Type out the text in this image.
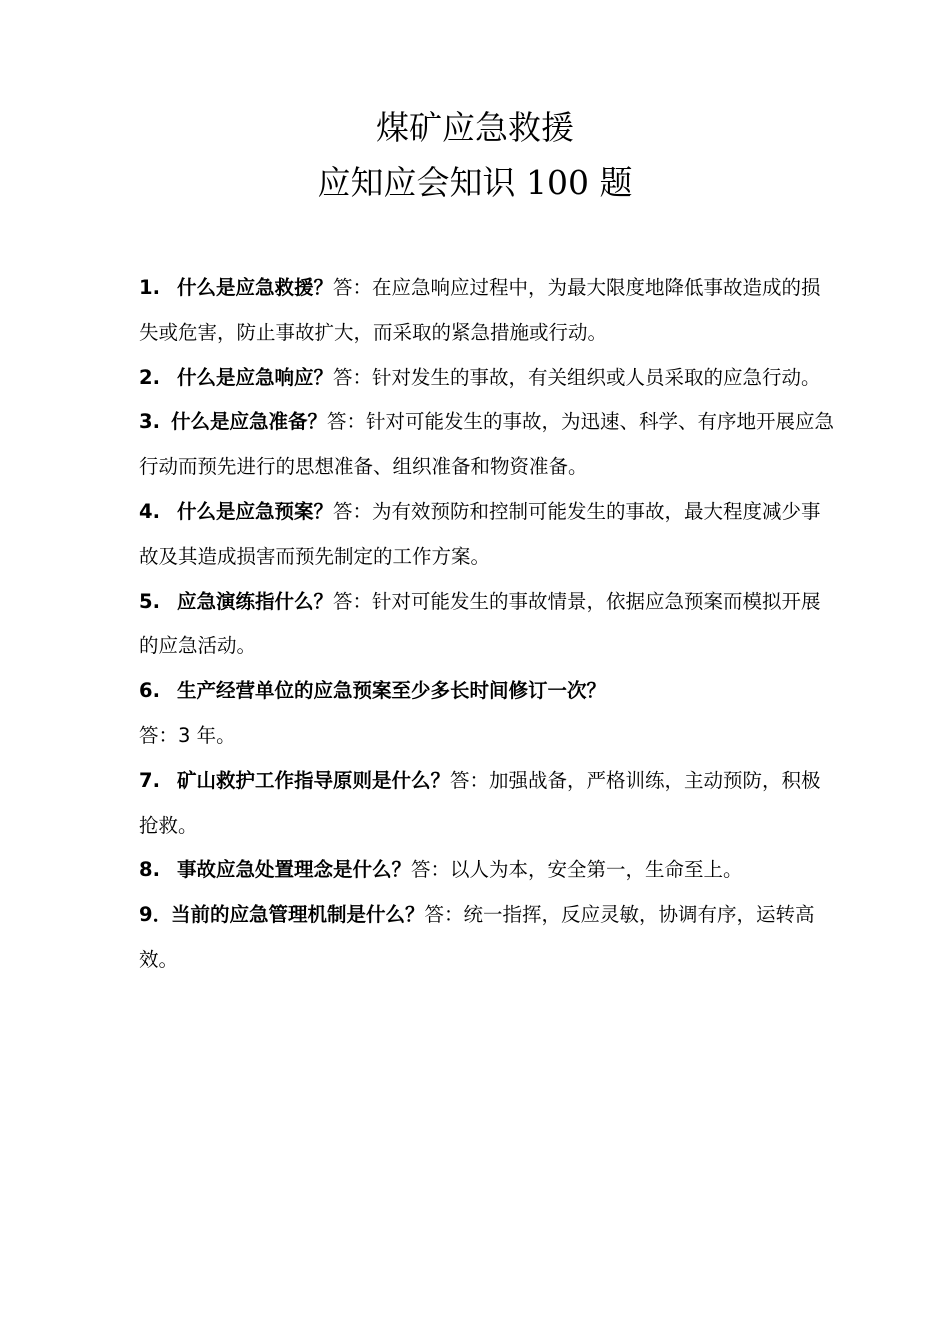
煤矿应急救援
应知应会知识 100 题

1. 什么是应急救援？答：在应急响应过程中，为最大限度地降低事故造成的损失或危害，防止事故扩大，而采取的紧急措施或行动。

2. 什么是应急响应？答：针对发生的事故，有关组织或人员采取的应急行动。

3. 什么是应急准备？答：针对可能发生的事故，为迅速、科学、有序地开展应急行动而预先进行的思想准备、组织准备和物资准备。

4. 什么是应急预案？答：为有效预防和控制可能发生的事故，最大程度减少事故及其造成损害而预先制定的工作方案。

5. 应急演练指什么？答：针对可能发生的事故情景，依据应急预案而模拟开展的应急活动。

6. 生产经营单位的应急预案至少多长时间修订一次？
答：3 年。

7. 矿山救护工作指导原则是什么？答：加强战备，严格训练，主动预防，积极抢救。

8. 事故应急处置理念是什么？答：以人为本，安全第一，生命至上。

9．当前的应急管理机制是什么？答：统一指挥，反应灵敏，协调有序，运转高效。
